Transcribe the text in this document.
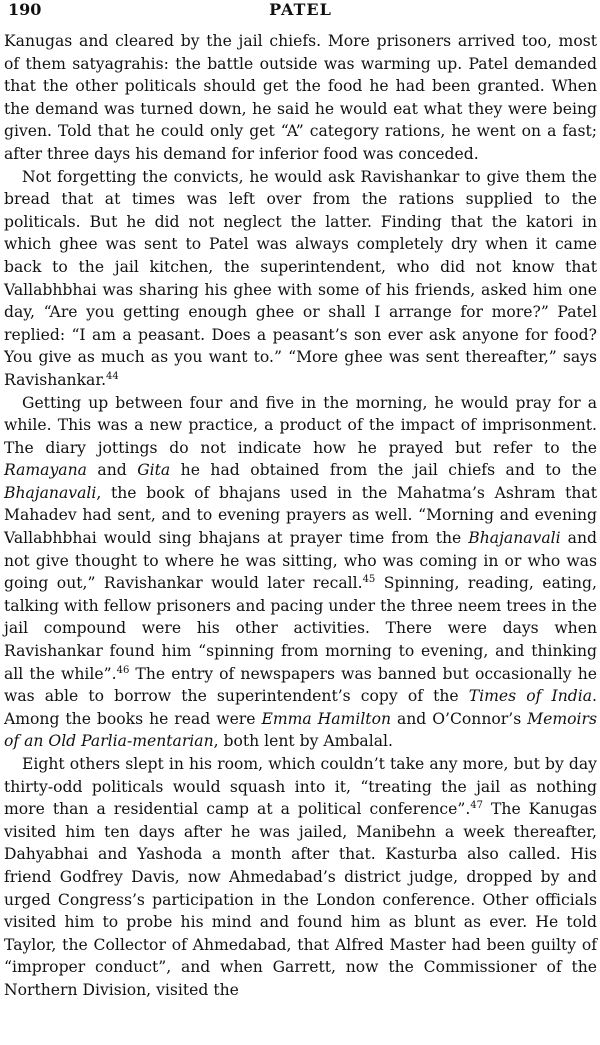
190	PATEL

Kanugas and cleared by the jail chiefs. More prisoners arrived too, most of them satyagrahis: the battle outside was warming up. Patel demanded that the other politicals should get the food he had been granted. When the demand was turned down, he said he would eat what they were being given. Told that he could only get “A” category rations, he went on a fast; after three days his demand for inferior food was conceded.

Not forgetting the convicts, he would ask Ravishankar to give them the bread that at times was left over from the rations supplied to the politicals. But he did not neglect the latter. Finding that the katori in which ghee was sent to Patel was always completely dry when it came back to the jail kitchen, the superintendent, who did not know that Vallabhbhai was sharing his ghee with some of his friends, asked him one day, “Are you getting enough ghee or shall I arrange for more?” Patel replied: “I am a peasant. Does a peasant’s son ever ask anyone for food? You give as much as you want to.” “More ghee was sent thereafter,” says Ravishankar.$^{44}$

Getting up between four and five in the morning, he would pray for a while. This was a new practice, a product of the impact of imprisonment. The diary jottings do not indicate how he prayed but refer to the Ramayana and Gita he had obtained from the jail chiefs and to the Bhajanavali, the book of bhajans used in the Mahatma’s Ashram that Mahadev had sent, and to evening prayers as well. “Morning and evening Vallabhbhai would sing bhajans at prayer time from the Bhajanavali and not give thought to where he was sitting, who was coming in or who was going out,” Ravishankar would later recall.$^{45}$ Spinning, reading, eating, talking with fellow prisoners and pacing under the three neem trees in the jail compound were his other activities. There were days when Ravishankar found him “spinning from morning to evening, and thinking all the while”.$^{46}$ The entry of newspapers was banned but occasionally he was able to borrow the superintendent’s copy of the Times of India. Among the books he read were Emma Hamilton and O’Connor’s Memoirs of an Old Parlia-mentarian, both lent by Ambalal.

Eight others slept in his room, which couldn’t take any more, but by day thirty-odd politicals would squash into it, “treating the jail as nothing more than a residential camp at a political conference”.$^{47}$ The Kanugas visited him ten days after he was jailed, Manibehn a week thereafter, Dahyabhai and Yashoda a month after that. Kasturba also called. His friend Godfrey Davis, now Ahmedabad’s district judge, dropped by and urged Congress’s participation in the London conference. Other officials visited him to probe his mind and found him as blunt as ever. He told Taylor, the Collector of Ahmedabad, that Alfred Master had been guilty of “improper conduct”, and when Garrett, now the Commissioner of the Northern Division, visited the
